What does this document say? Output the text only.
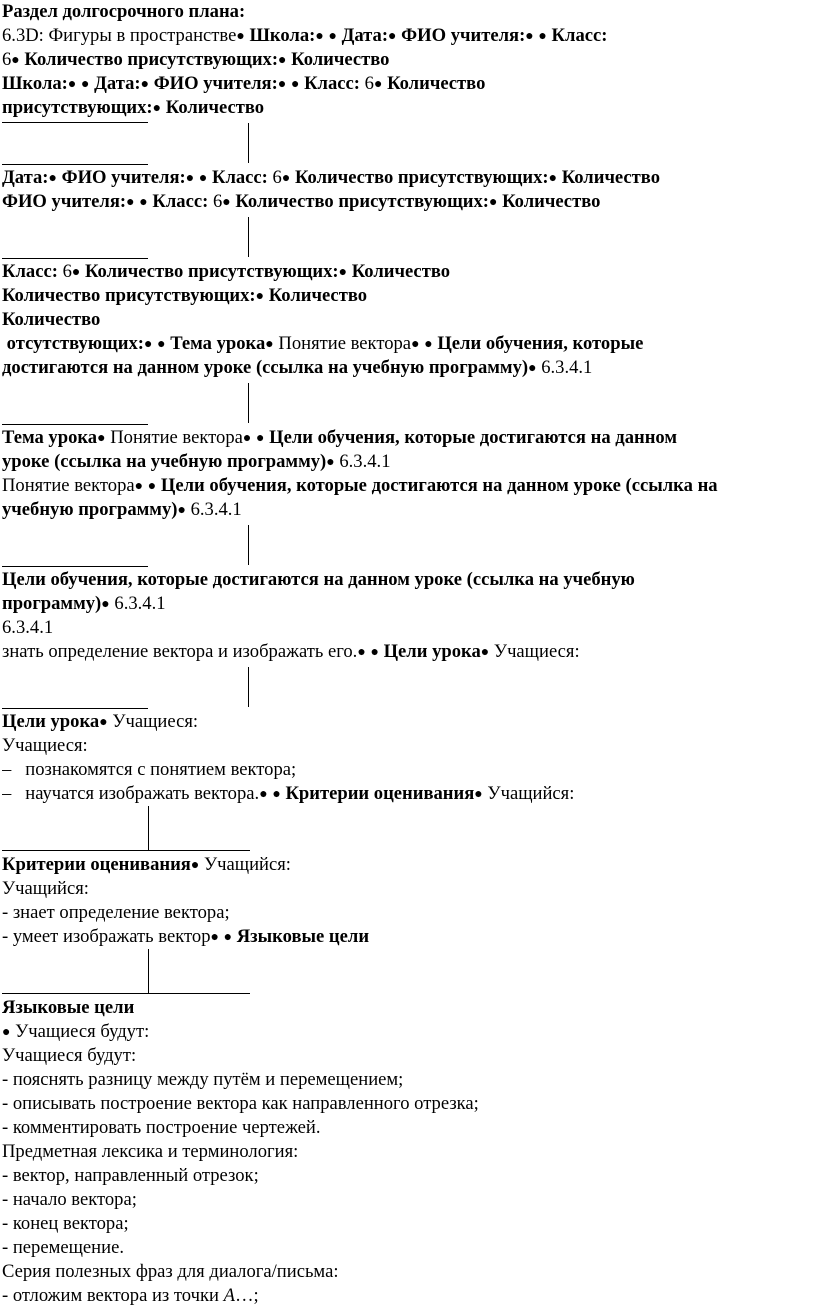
Раздел долгосрочного плана:
6.3D: Фигуры в пространстве● Школа:● ● Дата:● ФИО учителя:● ● Класс:
6● Количество присутствующих:● Количество
Школа:● ● Дата:● ФИО учителя:● ● Класс: 6● Количество
присутствующих:● Количество
Дата:● ФИО учителя:● ● Класс: 6● Количество присутствующих:● Количество
ФИО учителя:● ● Класс: 6● Количество присутствующих:● Количество
Класс: 6● Количество присутствующих:● Количество
Количество присутствующих:● Количество
Количество
отсутствующих:● ● Тема урока● Понятие вектора● ● Цели обучения, которые
достигаются на данном уроке (ссылка на учебную программу)● 6.3.4.1
Тема урока● Понятие вектора● ● Цели обучения, которые достигаются на данном
уроке (ссылка на учебную программу)● 6.3.4.1
Понятие вектора● ● Цели обучения, которые достигаются на данном уроке (ссылка на
учебную программу)● 6.3.4.1
Цели обучения, которые достигаются на данном уроке (ссылка на учебную
программу)● 6.3.4.1
6.3.4.1
знать определение вектора и изображать его.● ● Цели урока● Учащиеся:
Цели урока● Учащиеся:
Учащиеся:
–   познакомятся с понятием вектора;
–   научатся изображать вектора.● ● Критерии оценивания● Учащийся:
Критерии оценивания● Учащийся:
Учащийся:
- знает определение вектора;
- умеет изображать вектор● ● Языковые цели
Языковые цели
● Учащиеся будут:
Учащиеся будут:
- пояснять разницу между путём и перемещением;
- описывать построение вектора как направленного отрезка;
- комментировать построение чертежей.
Предметная лексика и терминология:
- вектор, направленный отрезок;
- начало вектора;
- конец вектора;
- перемещение.
Серия полезных фраз для диалога/письма:
- отложим вектора из точки A…;
